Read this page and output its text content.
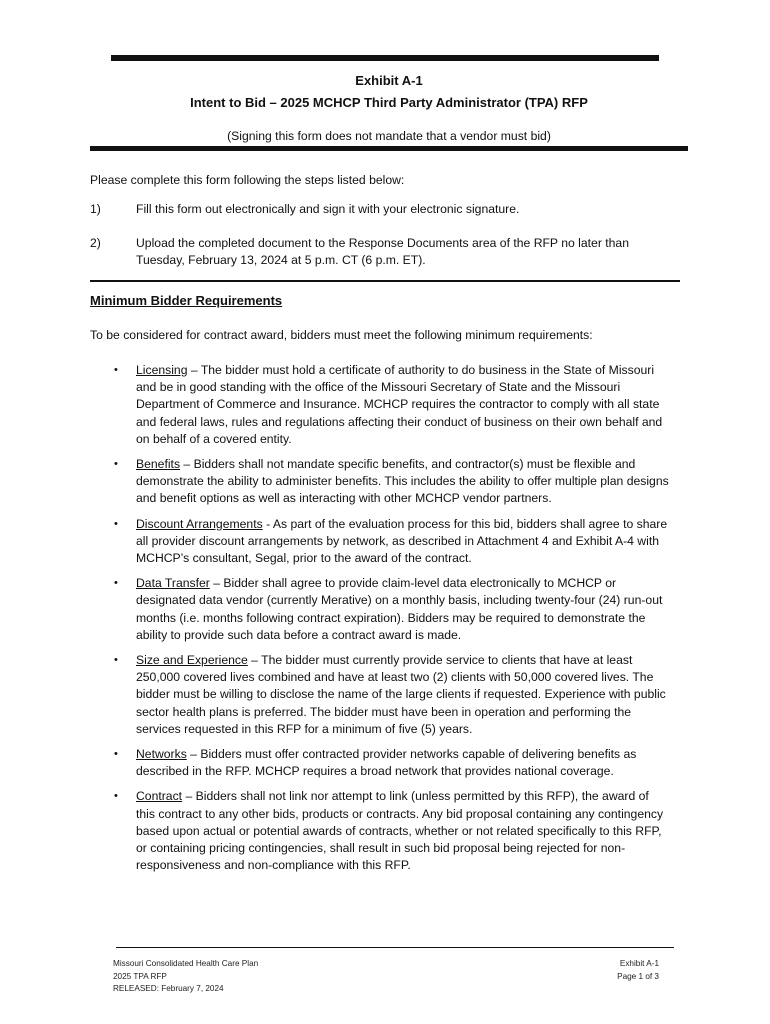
Exhibit A-1
Intent to Bid – 2025 MCHCP Third Party Administrator (TPA) RFP
(Signing this form does not mandate that a vendor must bid)
Please complete this form following the steps listed below:
1)	Fill this form out electronically and sign it with your electronic signature.
2)	Upload the completed document to the Response Documents area of the RFP no later than Tuesday, February 13, 2024 at 5 p.m. CT (6 p.m. ET).
Minimum Bidder Requirements
To be considered for contract award, bidders must meet the following minimum requirements:
• Licensing – The bidder must hold a certificate of authority to do business in the State of Missouri and be in good standing with the office of the Missouri Secretary of State and the Missouri Department of Commerce and Insurance. MCHCP requires the contractor to comply with all state and federal laws, rules and regulations affecting their conduct of business on their own behalf and on behalf of a covered entity.
• Benefits – Bidders shall not mandate specific benefits, and contractor(s) must be flexible and demonstrate the ability to administer benefits. This includes the ability to offer multiple plan designs and benefit options as well as interacting with other MCHCP vendor partners.
• Discount Arrangements - As part of the evaluation process for this bid, bidders shall agree to share all provider discount arrangements by network, as described in Attachment 4 and Exhibit A-4 with MCHCP’s consultant, Segal, prior to the award of the contract.
• Data Transfer – Bidder shall agree to provide claim-level data electronically to MCHCP or designated data vendor (currently Merative) on a monthly basis, including twenty-four (24) run-out months (i.e. months following contract expiration). Bidders may be required to demonstrate the ability to provide such data before a contract award is made.
• Size and Experience – The bidder must currently provide service to clients that have at least 250,000 covered lives combined and have at least two (2) clients with 50,000 covered lives. The bidder must be willing to disclose the name of the large clients if requested. Experience with public sector health plans is preferred. The bidder must have been in operation and performing the services requested in this RFP for a minimum of five (5) years.
• Networks – Bidders must offer contracted provider networks capable of delivering benefits as described in the RFP. MCHCP requires a broad network that provides national coverage.
• Contract – Bidders shall not link nor attempt to link (unless permitted by this RFP), the award of this contract to any other bids, products or contracts. Any bid proposal containing any contingency based upon actual or potential awards of contracts, whether or not related specifically to this RFP, or containing pricing contingencies, shall result in such bid proposal being rejected for non-responsiveness and non-compliance with this RFP.
Missouri Consolidated Health Care Plan
2025 TPA RFP
RELEASED: February 7, 2024
Exhibit A-1
Page 1 of 3
